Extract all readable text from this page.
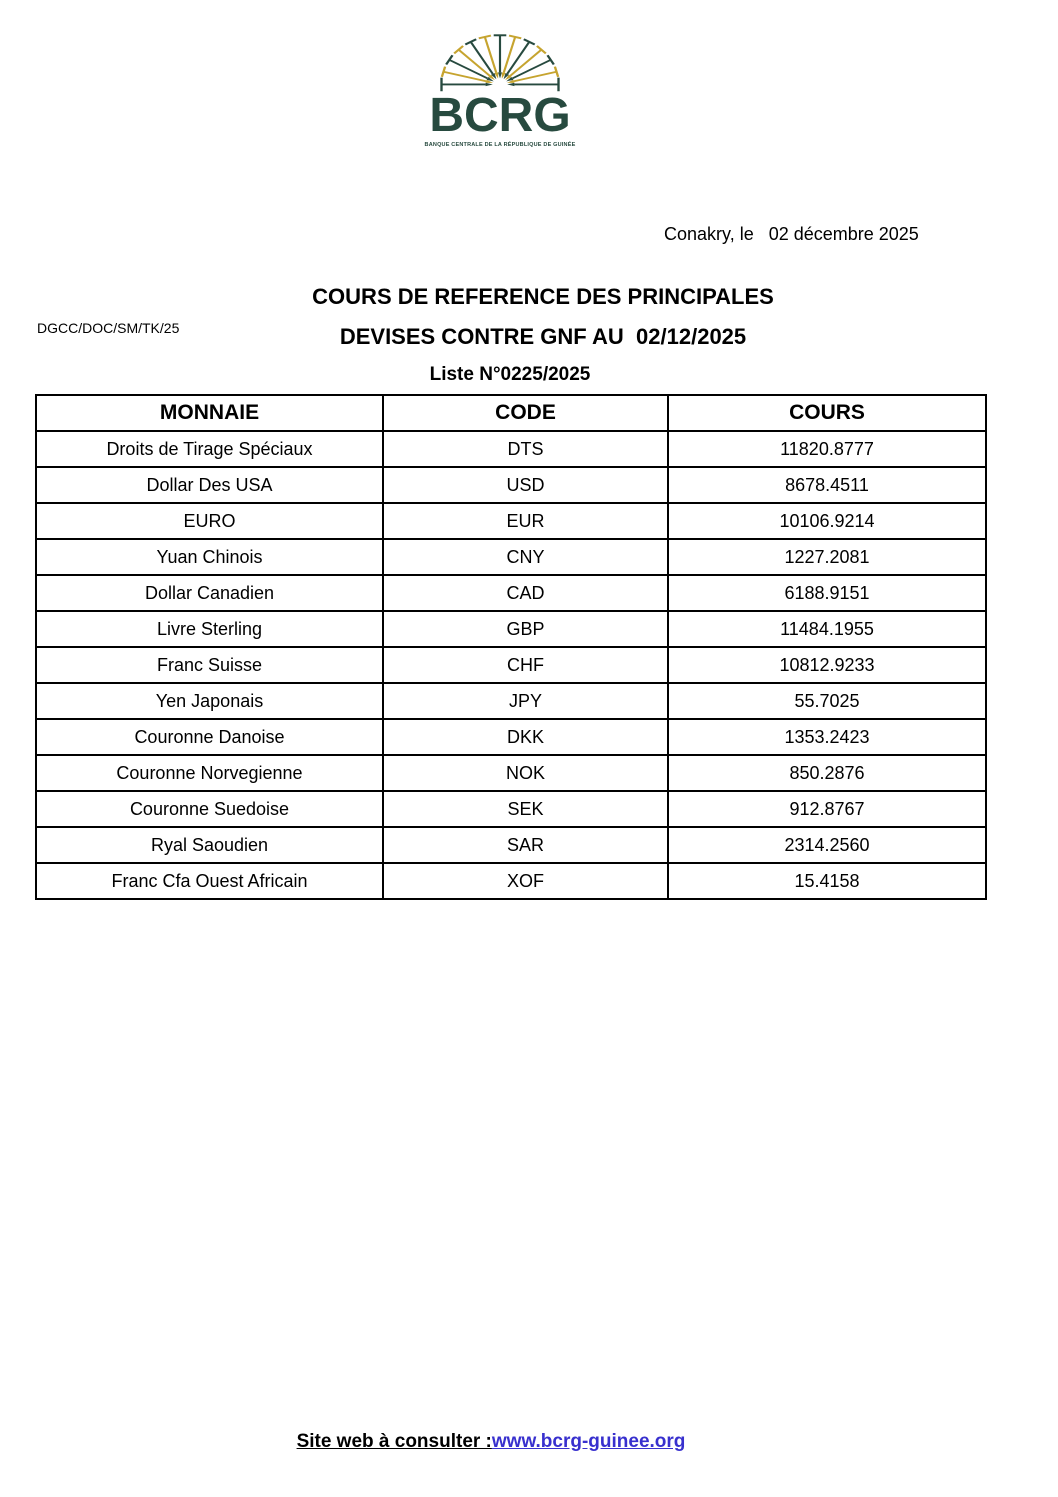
BCRG
BANQUE CENTRALE DE LA RÉPUBLIQUE DE GUINÉE
Conakry, le   02 décembre 2025
DGCC/DOC/SM/TK/25
COURS DE REFERENCE DES PRINCIPALES
DEVISES CONTRE GNF AU  02/12/2025
Liste N°0225/2025
MONNAIE	CODE	COURS
Droits de Tirage Spéciaux	DTS	11820.8777
Dollar Des USA	USD	8678.4511
EURO	EUR	10106.9214
Yuan Chinois	CNY	1227.2081
Dollar Canadien	CAD	6188.9151
Livre Sterling	GBP	11484.1955
Franc Suisse	CHF	10812.9233
Yen Japonais	JPY	55.7025
Couronne Danoise	DKK	1353.2423
Couronne Norvegienne	NOK	850.2876
Couronne Suedoise	SEK	912.8767
Ryal Saoudien	SAR	2314.2560
Franc Cfa Ouest Africain	XOF	15.4158
Site web à consulter :www.bcrg-guinee.org
